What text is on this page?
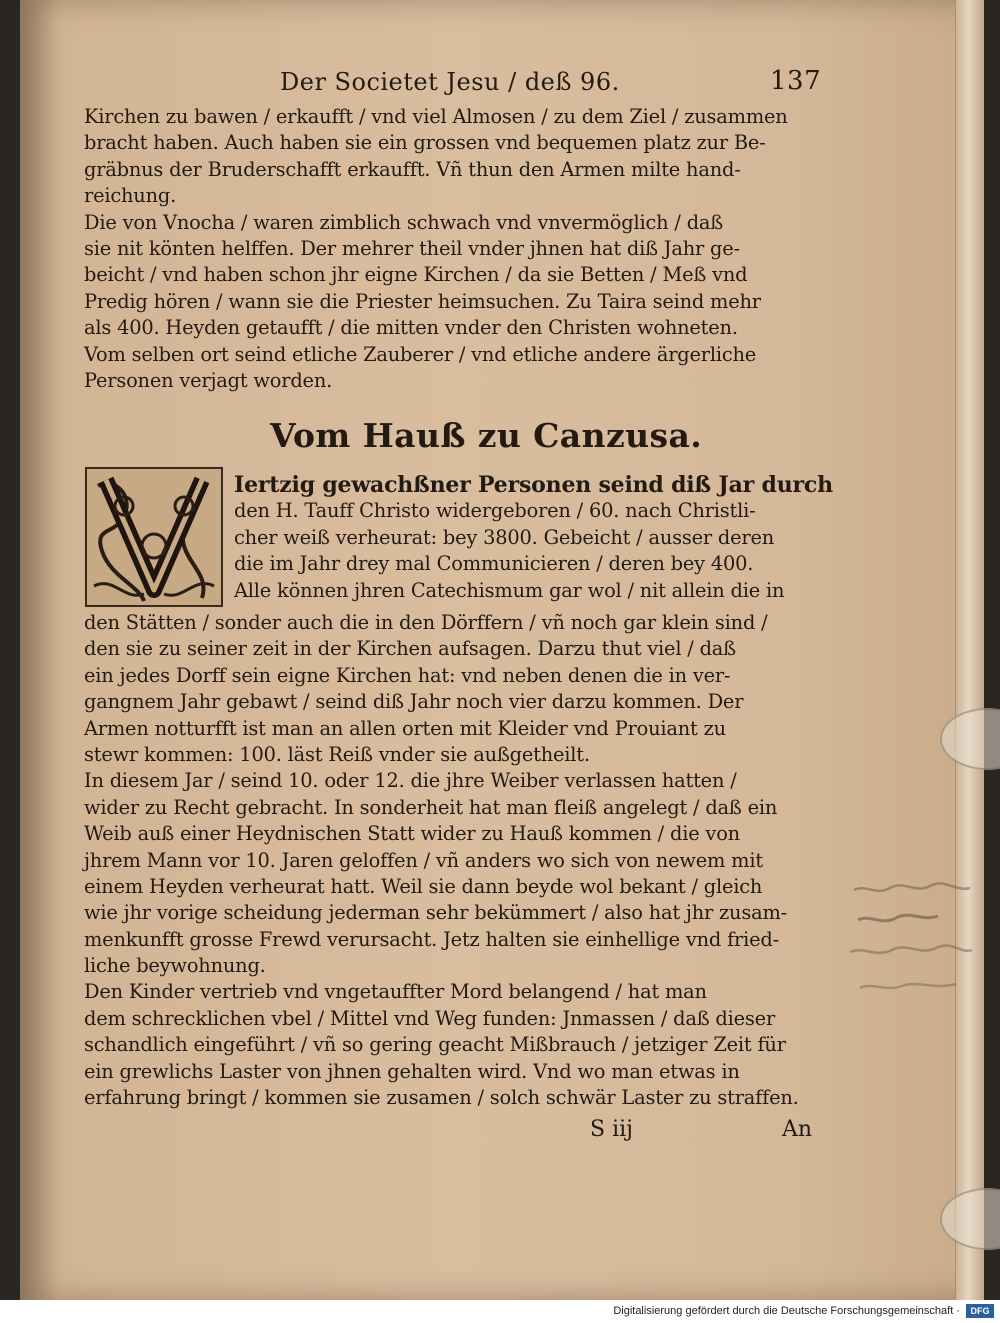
Der Societet Jesu / deß 96.	137
Kirchen zu bawen / erkaufft / vnd viel Almosen / zu dem Ziel / zusammen
bracht haben. Auch haben sie ein grossen vnd bequemen platz zur Be-
gräbnus der Bruderschafft erkaufft. Vñ thun den Armen milte hand-
reichung.
Die von Vnocha / waren zimblich schwach vnd vnvermöglich / daß
sie nit könten helffen. Der mehrer theil vnder jhnen hat diß Jahr ge-
beicht / vnd haben schon jhr eigne Kirchen / da sie Betten / Meß vnd
Predig hören / wann sie die Priester heimsuchen. Zu Taira seind mehr
als 400. Heyden getaufft / die mitten vnder den Christen wohneten.
Vom selben ort seind etliche Zauberer / vnd etliche andere ärgerliche
Personen verjagt worden.
Vom Hauß zu Canzusa.
Iertzig gewachßner Personen seind diß Jar durch
den H. Tauff Christo widergeboren / 60. nach Christli-
cher weiß verheurat: bey 3800. Gebeicht / ausser deren
die im Jahr drey mal Communicieren / deren bey 400.
Alle können jhren Catechismum gar wol / nit allein die in
den Stätten / sonder auch die in den Dörffern / vñ noch gar klein sind /
den sie zu seiner zeit in der Kirchen aufsagen. Darzu thut viel / daß
ein jedes Dorff sein eigne Kirchen hat: vnd neben denen die in ver-
gangnem Jahr gebawt / seind diß Jahr noch vier darzu kommen. Der
Armen notturfft ist man an allen orten mit Kleider vnd Prouiant zu
stewr kommen: 100. läst Reiß vnder sie außgetheilt.
In diesem Jar / seind 10. oder 12. die jhre Weiber verlassen hatten /
wider zu Recht gebracht. In sonderheit hat man fleiß angelegt / daß ein
Weib auß einer Heydnischen Statt wider zu Hauß kommen / die von
jhrem Mann vor 10. Jaren geloffen / vñ anders wo sich von newem mit
einem Heyden verheurat hatt. Weil sie dann beyde wol bekant / gleich
wie jhr vorige scheidung jederman sehr bekümmert / also hat jhr zusam-
menkunfft grosse Frewd verursacht. Jetz halten sie einhellige vnd fried-
liche beywohnung.
Den Kinder vertrieb vnd vngetauffter Mord belangend / hat man
dem schrecklichen vbel / Mittel vnd Weg funden: Jnmassen / daß dieser
schandlich eingeführt / vñ so gering geacht Mißbrauch / jetziger Zeit für
ein grewlichs Laster von jhnen gehalten wird. Vnd wo man etwas in
erfahrung bringt / kommen sie zusamen / solch schwär Laster zu straffen.
S iij	An
Digitalisierung gefördert durch die Deutsche Forschungsgemeinschaft ·	DFG
